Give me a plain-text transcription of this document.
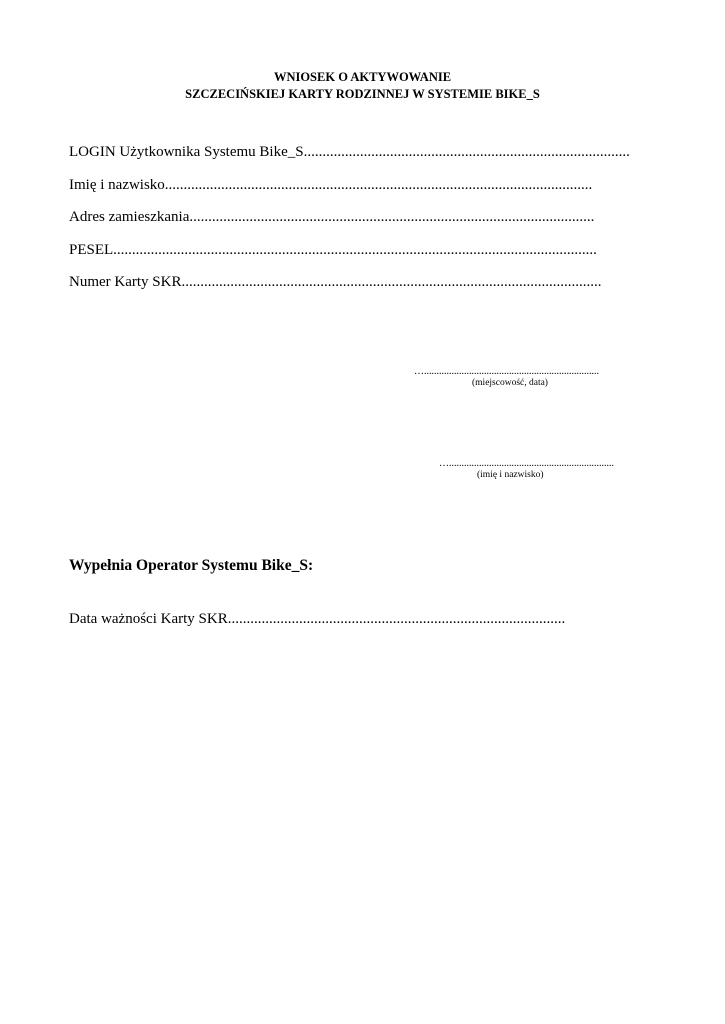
WNIOSEK O AKTYWOWANIE
SZCZECIŃSKIEJ KARTY RODZINNEJ W SYSTEMIE BIKE_S
LOGIN Użytkownika Systemu Bike_S.......................................................................................
Imię i nazwisko..................................................................................................................
Adres zamieszkania............................................................................................................
PESEL.................................................................................................................................
Numer Karty SKR................................................................................................................
…......................................................................
(miejscowość, data)
…..................................................................
(imię i nazwisko)
Wypełnia Operator Systemu Bike_S:
Data ważności Karty SKR..........................................................................................
